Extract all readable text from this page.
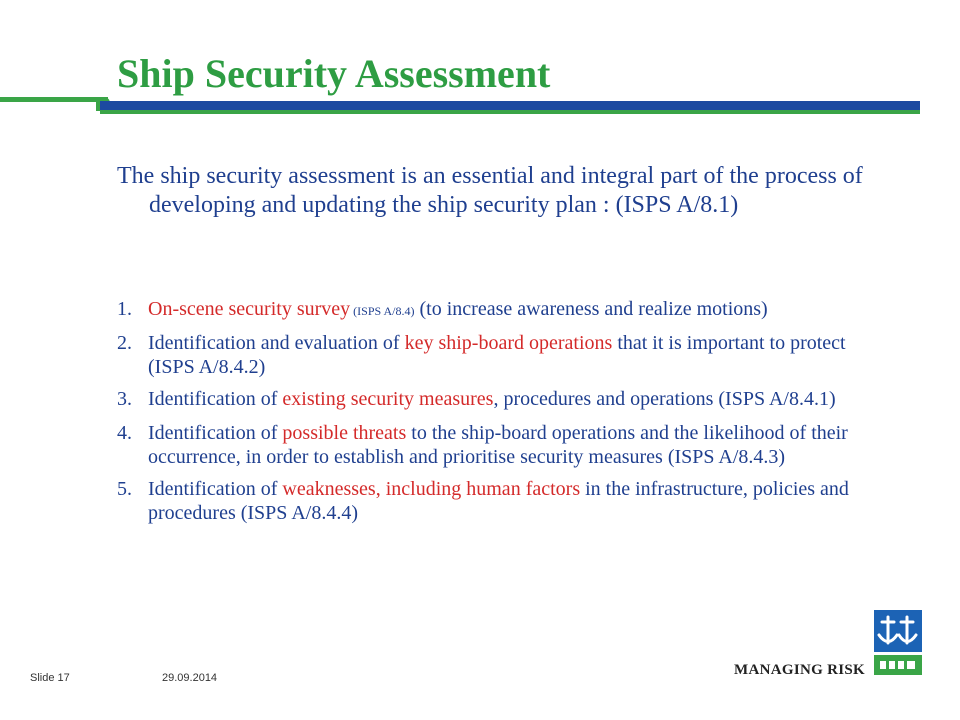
Ship Security Assessment

The ship security assessment is an essential and integral part of the process of developing and updating the ship security plan : (ISPS A/8.1)

1. On-scene security survey (ISPS A/8.4) (to increase awareness and realize motions)
2. Identification and evaluation of key ship-board operations that it is important to protect (ISPS A/8.4.2)
3. Identification of existing security measures, procedures and operations (ISPS A/8.4.1)
4. Identification of possible threats to the ship-board operations and the likelihood of their occurrence, in order to establish and prioritise security measures (ISPS A/8.4.3)
5. Identification of weaknesses, including human factors in the infrastructure, policies and procedures (ISPS A/8.4.4)
Slide 17	29.09.2014	MANAGING RISK
